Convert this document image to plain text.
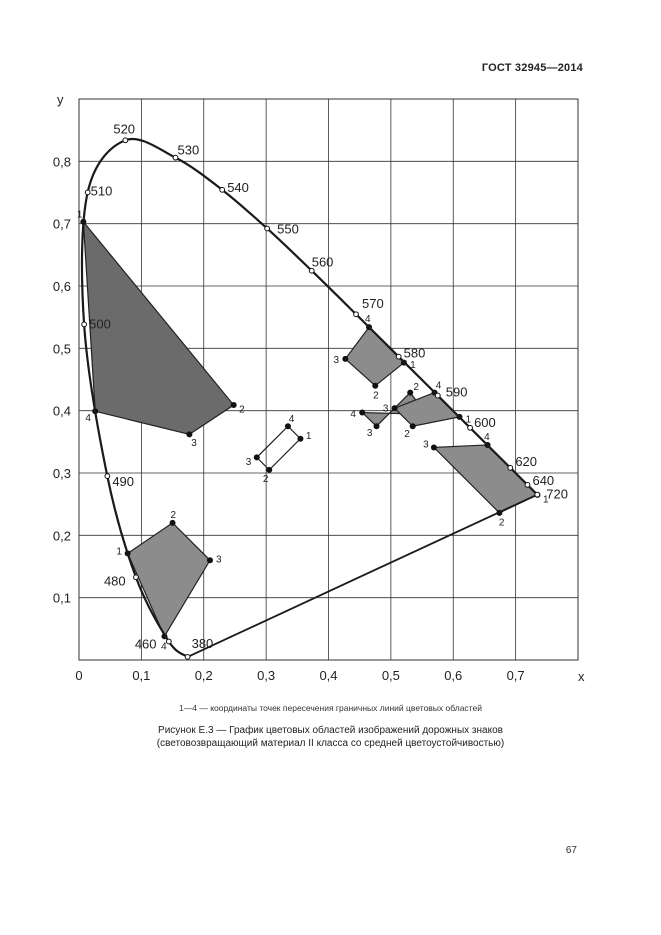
ГОСТ 32945—2014
0	0,1	0,2	0,3	0,4	0,5	0,6	0,7
0,1
0,2
0,3
0,4
0,5
0,6
0,7
0,8
x
y
1
2
3
4
1
2
3
4
1
2
3
4
1
2
3
4
2
3
4
1
2
3
4
1
2
3
4
380
460
480
490
500
510
520
530
540
550
560
570
580
590
600
620
640
720
1—4 — координаты точек пересечения граничных линий цветовых областей
Рисунок Е.3 — График цветовых областей изображений дорожных знаков
(световозвращающий материал II класса со средней цветоустойчивостью)
67
